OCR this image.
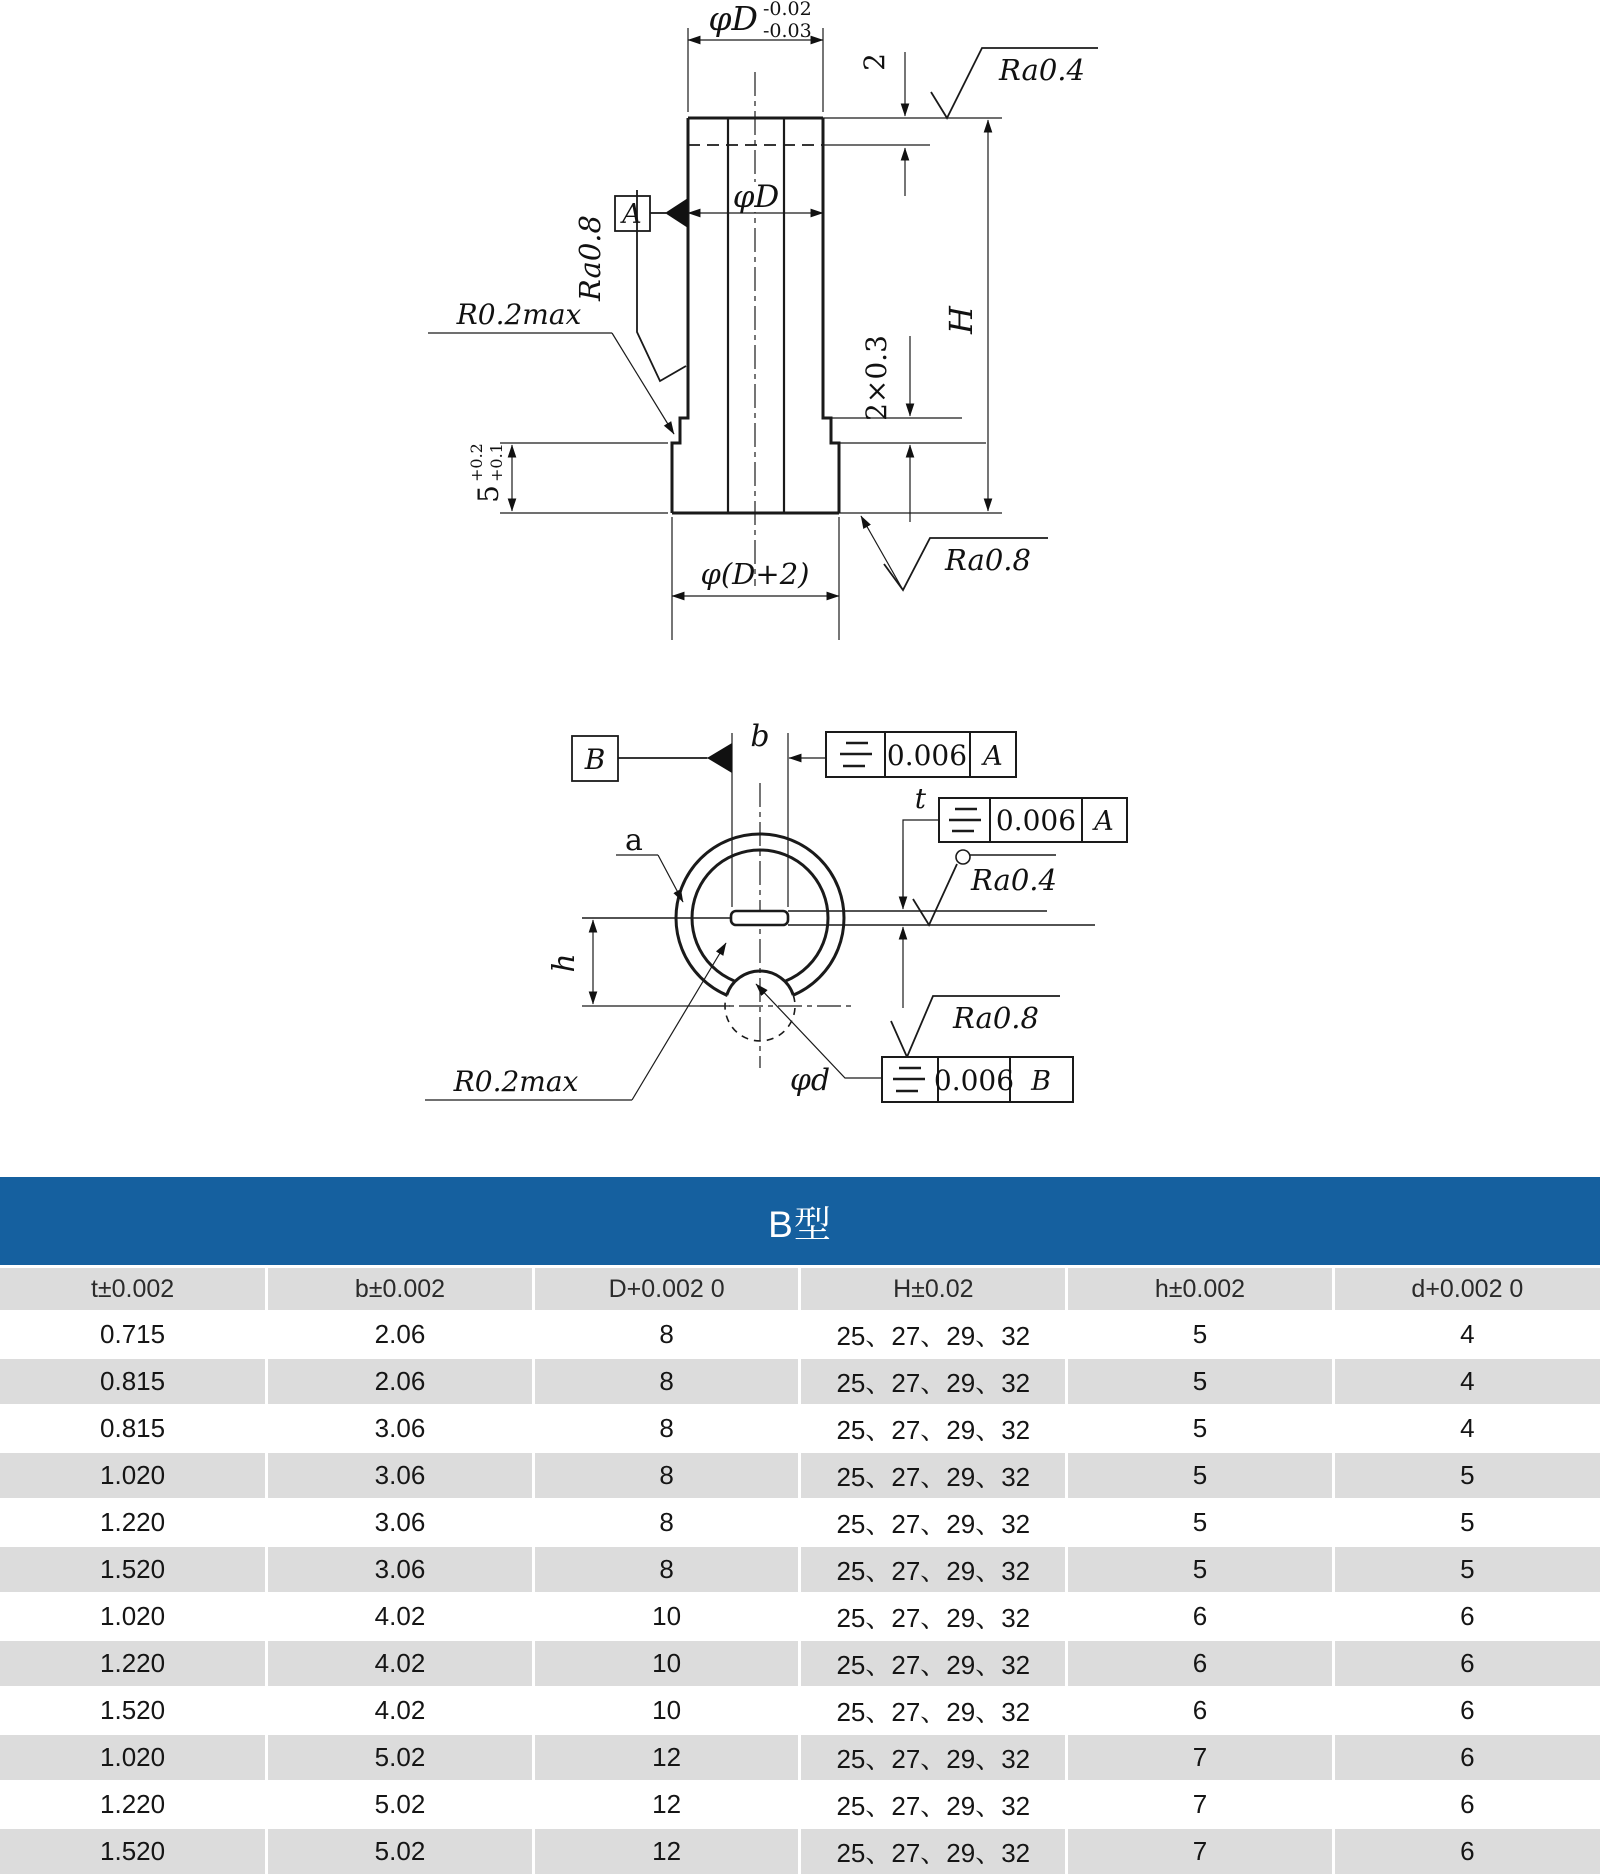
φD -0.02
-0.03
2	Ra0.4
φD
A
Ra0.8
R0.2max
2×0.3
H
5
+0.2 +0.1
φ(D+2)	Ra0.8
B
b
0.006 A
t
0.006 A
Ra0.4
a
h
R0.2max	φd
Ra0.8
0.006 B
B型
t±0.002	b±0.002	D+0.002 0	H±0.02	h±0.002	d+0.002 0
0.715	2.06	8	25、27、29、32	5	4
0.815	2.06	8	25、27、29、32	5	4
0.815	3.06	8	25、27、29、32	5	4
1.020	3.06	8	25、27、29、32	5	5
1.220	3.06	8	25、27、29、32	5	5
1.520	3.06	8	25、27、29、32	5	5
1.020	4.02	10	25、27、29、32	6	6
1.220	4.02	10	25、27、29、32	6	6
1.520	4.02	10	25、27、29、32	6	6
1.020	5.02	12	25、27、29、32	7	6
1.220	5.02	12	25、27、29、32	7	6
1.520	5.02	12	25、27、29、32	7	6
